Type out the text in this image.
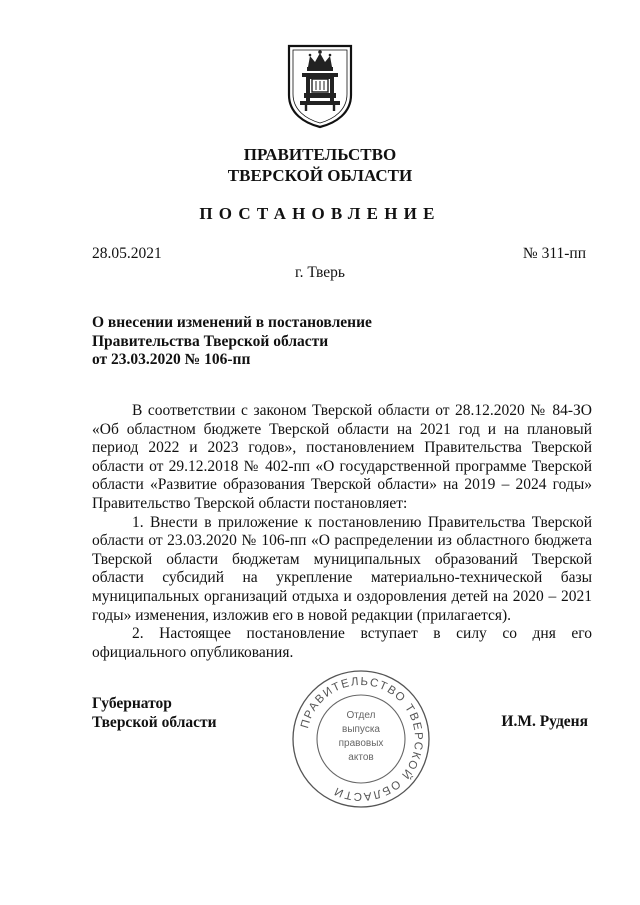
ПРАВИТЕЛЬСТВО
ТВЕРСКОЙ ОБЛАСТИ
ПОСТАНОВЛЕНИЕ
28.05.2021	№ 311-пп
г. Тверь
О внесении изменений в постановление
Правительства Тверской области
от 23.03.2020 № 106-пп

В соответствии с законом Тверской области от 28.12.2020 № 84-ЗО «Об областном бюджете Тверской области на 2021 год и на плановый период 2022 и 2023 годов», постановлением Правительства Тверской области от 29.12.2018 № 402-пп «О государственной программе Тверской области «Развитие образования Тверской области» на 2019 – 2024 годы» Правительство Тверской области постановляет:

1. Внести в приложение к постановлению Правительства Тверской области от 23.03.2020 № 106-пп «О распределении из областного бюджета Тверской области бюджетам муниципальных образований Тверской области субсидий на укрепление материально-технической базы муниципальных организаций отдыха и оздоровления детей на 2020 – 2021 годы» изменения, изложив его в новой редакции (прилагается).

2. Настоящее постановление вступает в силу со дня его официального опубликования.

Губернатор
Тверской области	И.М. Руденя
ПРАВИТЕЛЬСТВО ТВЕРСКОЙ ОБЛАСТИ
Отдел
выпуска
правовых
актов
